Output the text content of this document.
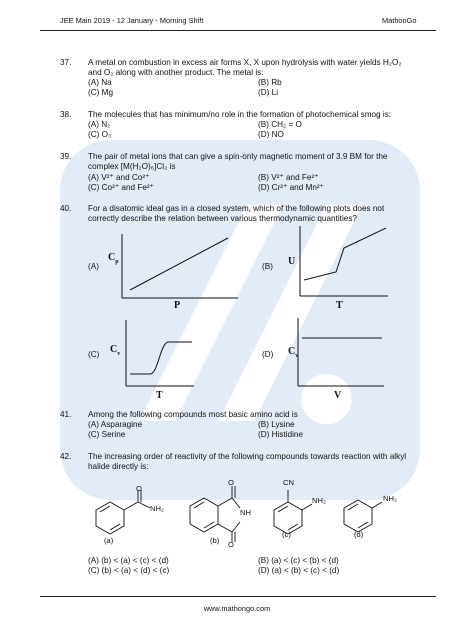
JEE Main 2019 - 12 January - Morning Shift	MathonGo
37. A metal on combustion in excess air forms X, X upon hydrolysis with water yields H₂O₂
and O₂ along with another product. The metal is:
(A) Na	(B) Rb
(C) Mg	(D) Li
38. The molecules that has minimum/no role in the formation of photochemical smog is:
(A) N₂	(B) CH₂ = O
(C) O₃	(D) NO
39. The pair of metal ions that can give a spin-only magnetic moment of 3.9 BM for the
complex [M(H₂O)₆]Cl₂ is
(A) V²⁺ and Co²⁺	(B) V²⁺ and Fe²⁺
(C) Co²⁺ and Fe²⁺	(D) Cr²⁺ and Mn²⁺
40. For a disatomic ideal gas in a closed system, which of the following plots does not
correctly describe the relation between various thermodynamic quantities?
(A)	(B)
(C)	(D)
$C_p$
P
U
T
$C_v$
T
$C_v$
V
41. Among the following compounds most basic amino acid is
(A) Asparagine	(B) Lysine
(C) Serine	(D) Histidine
42. The increasing order of reactivity of the following compounds towards reaction with alkyl
halide directly is:
O
NH₂
(a)
O
NH
O
(b)
CN
NH₂
(c)
NH₂
(d)
(A) (b) < (a) < (c) < (d)	(B) (a) < (c) < (b) < (d)
(C) (b) < (a) < (d) < (c)	(D) (a) < (b) < (c) < (d)
www.mathongo.com
